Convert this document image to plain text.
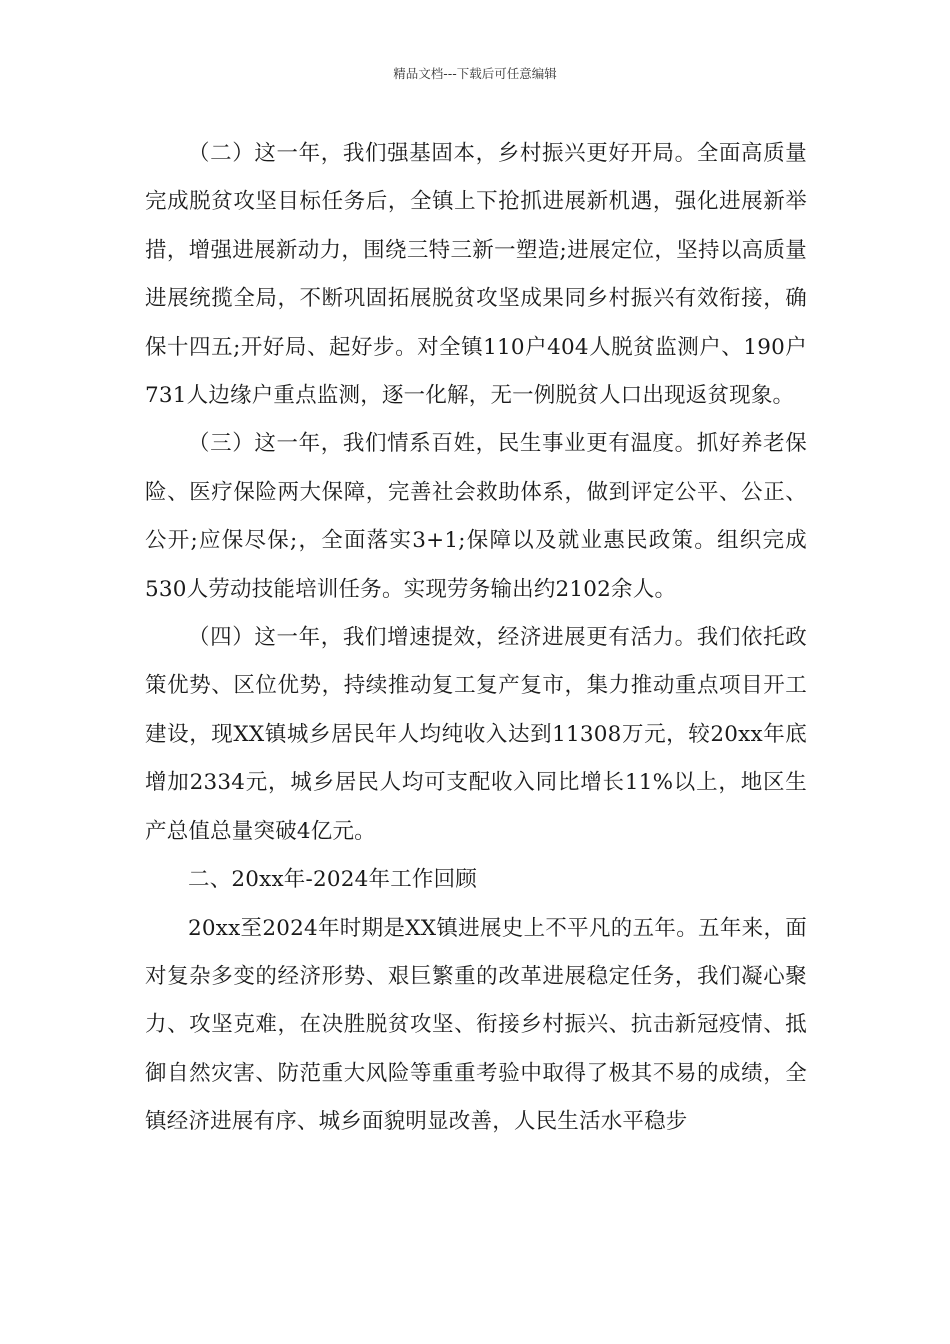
精品文档---下载后可任意编辑

（二）这一年，我们强基固本，乡村振兴更好开局。全面高质量完成脱贫攻坚目标任务后，全镇上下抢抓进展新机遇，强化进展新举措，增强进展新动力，围绕三特三新一塑造;进展定位，坚持以高质量进展统揽全局，不断巩固拓展脱贫攻坚成果同乡村振兴有效衔接，确保十四五;开好局、起好步。对全镇110户404人脱贫监测户、190户731人边缘户重点监测，逐一化解，无一例脱贫人口出现返贫现象。

（三）这一年，我们情系百姓，民生事业更有温度。抓好养老保险、医疗保险两大保障，完善社会救助体系，做到评定公平、公正、公开;应保尽保;，全面落实3+1;保障以及就业惠民政策。组织完成530人劳动技能培训任务。实现劳务输出约2102余人。

（四）这一年，我们增速提效，经济进展更有活力。我们依托政策优势、区位优势，持续推动复工复产复市，集力推动重点项目开工建设，现XX镇城乡居民年人均纯收入达到11308万元，较20xx年底增加2334元，城乡居民人均可支配收入同比增长11%以上，地区生产总值总量突破4亿元。

二、20xx年-2024年工作回顾

20xx至2024年时期是XX镇进展史上不平凡的五年。五年来，面对复杂多变的经济形势、艰巨繁重的改革进展稳定任务，我们凝心聚力、攻坚克难，在决胜脱贫攻坚、衔接乡村振兴、抗击新冠疫情、抵御自然灾害、防范重大风险等重重考验中取得了极其不易的成绩，全镇经济进展有序、城乡面貌明显改善，人民生活水平稳步
